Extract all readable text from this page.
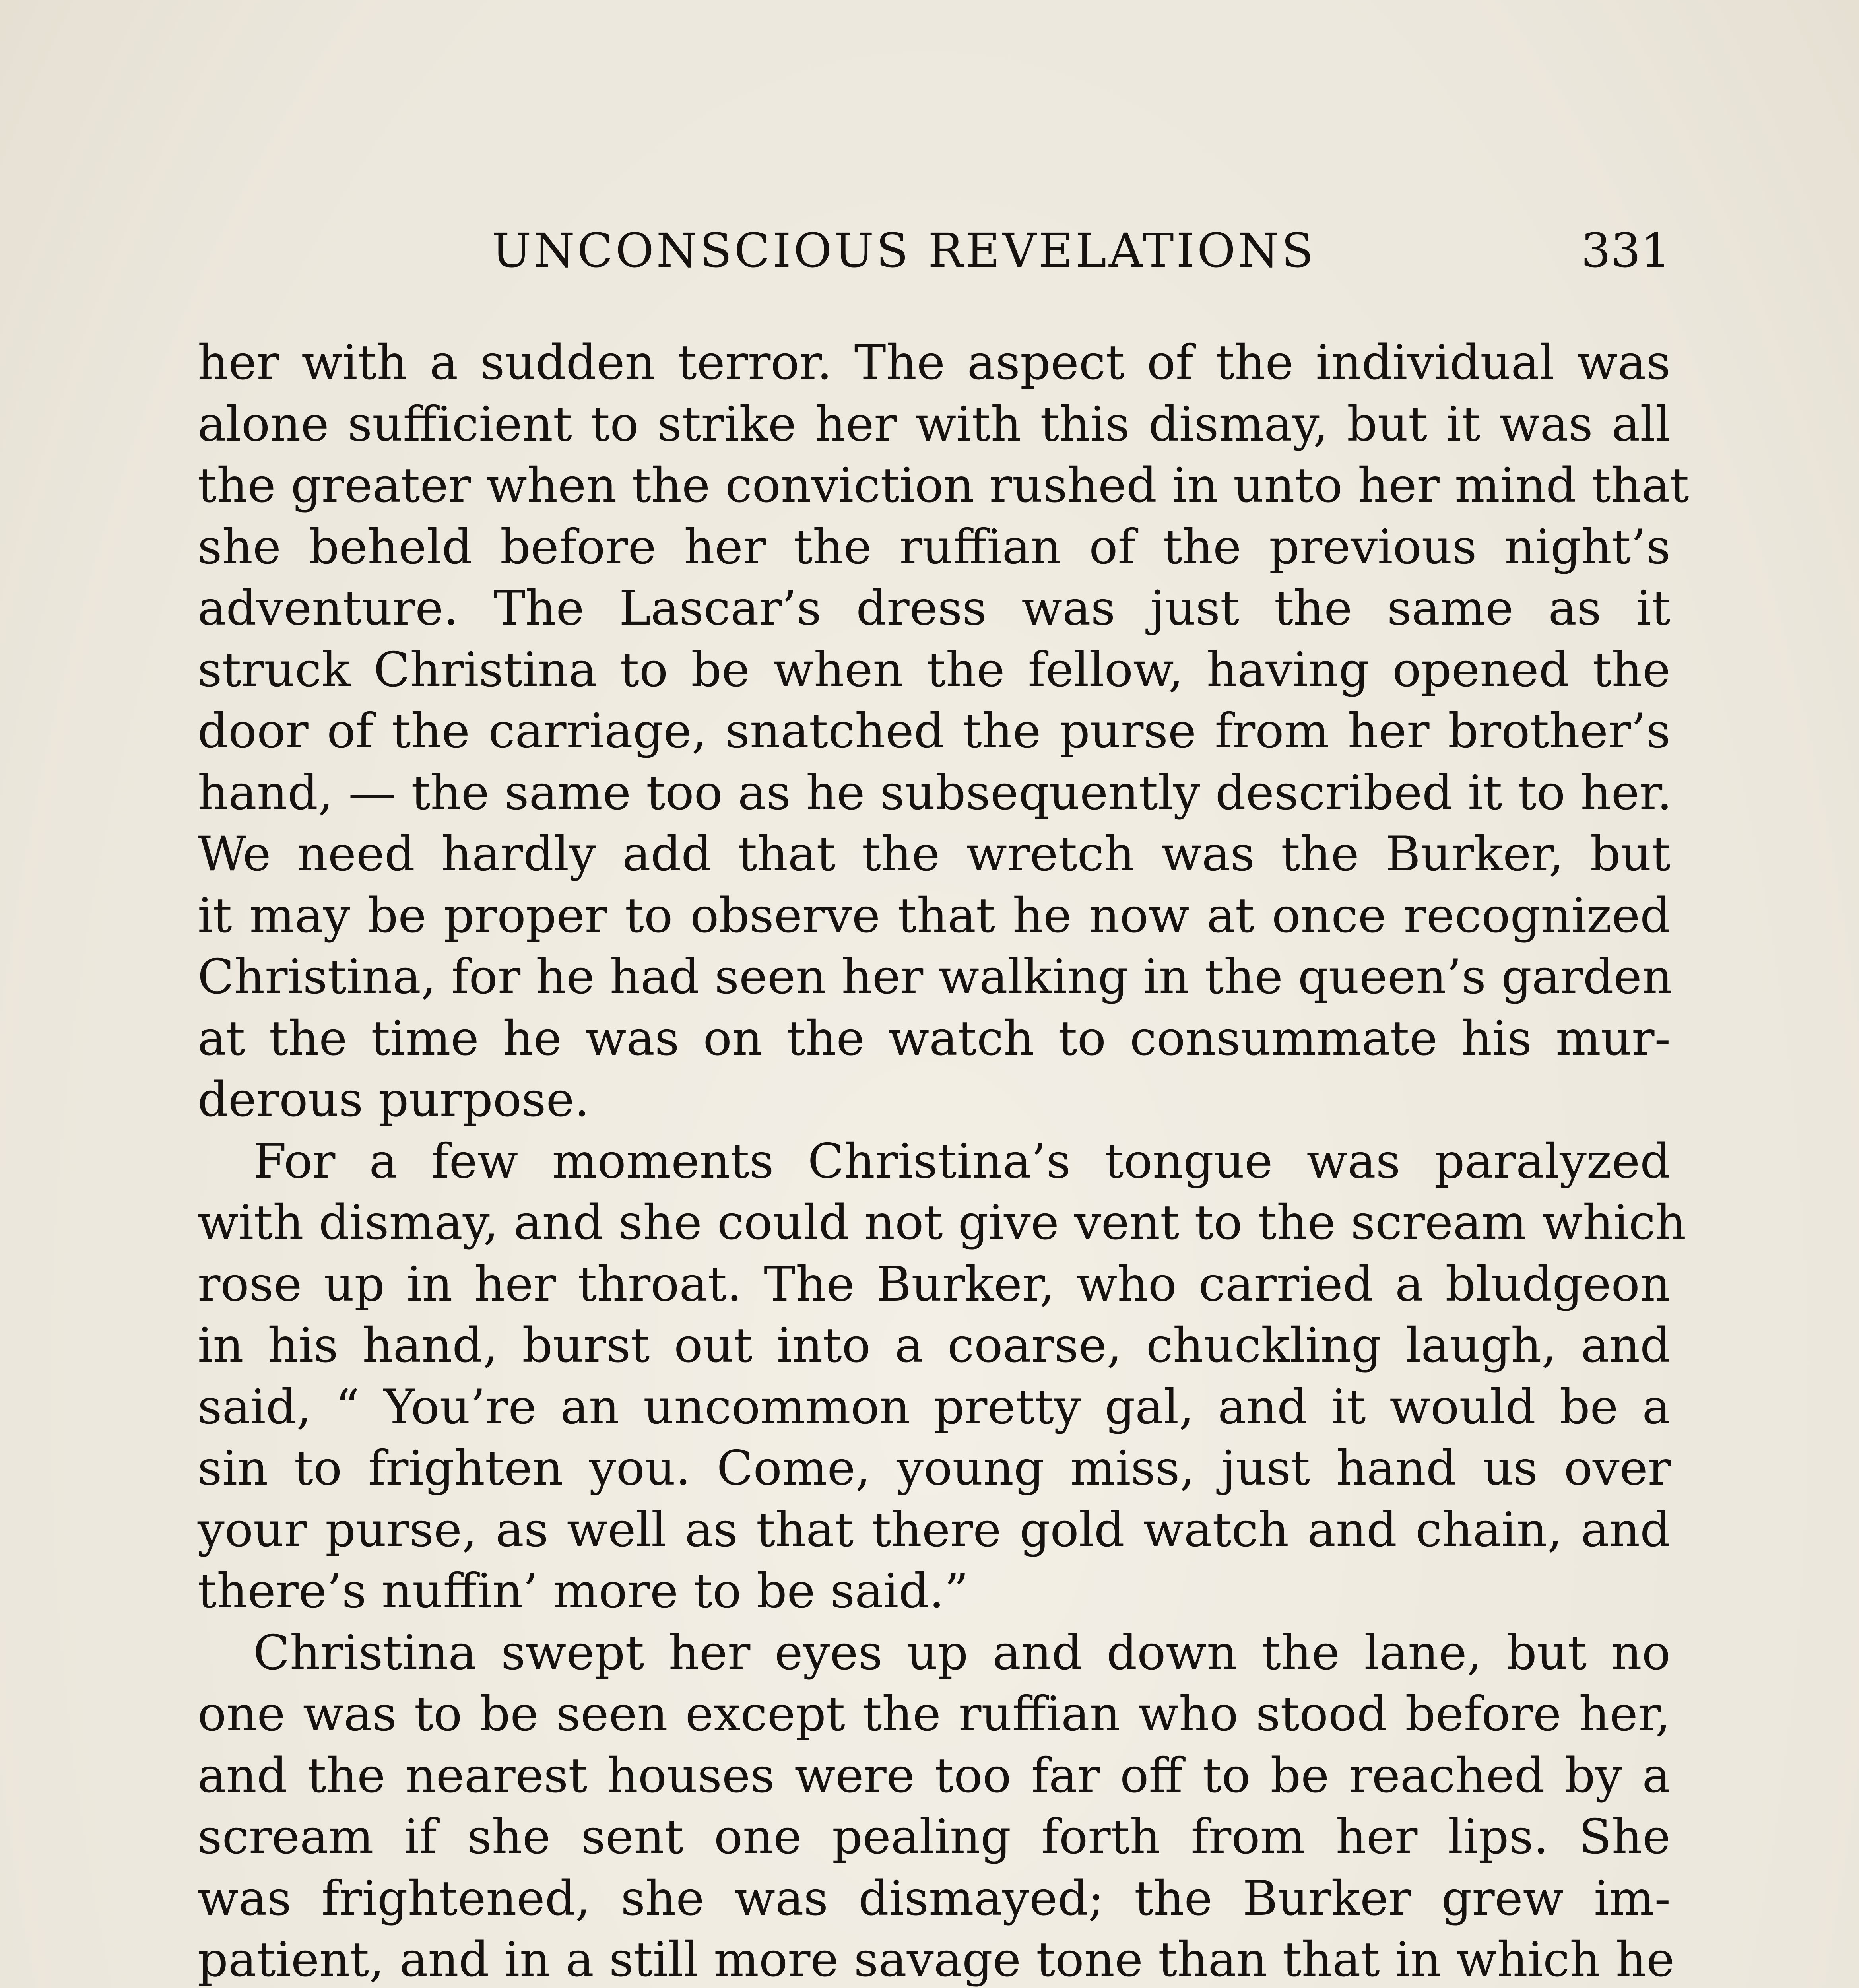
UNCONSCIOUS REVELATIONS	331
her with a sudden terror. The aspect of the individual was
alone sufficient to strike her with this dismay, but it was all
the greater when the conviction rushed in unto her mind that
she beheld before her the ruffian of the previous night’s
adventure. The Lascar’s dress was just the same as it
struck Christina to be when the fellow, having opened the
door of the carriage, snatched the purse from her brother’s
hand, — the same too as he subsequently described it to her.
We need hardly add that the wretch was the Burker, but
it may be proper to observe that he now at once recognized
Christina, for he had seen her walking in the queen’s garden
at the time he was on the watch to consummate his mur-
derous purpose.
For a few moments Christina’s tongue was paralyzed
with dismay, and she could not give vent to the scream which
rose up in her throat. The Burker, who carried a bludgeon
in his hand, burst out into a coarse, chuckling laugh, and
said, “ You’re an uncommon pretty gal, and it would be a
sin to frighten you. Come, young miss, just hand us over
your purse, as well as that there gold watch and chain, and
there’s nuffin’ more to be said.”
Christina swept her eyes up and down the lane, but no
one was to be seen except the ruffian who stood before her,
and the nearest houses were too far off to be reached by a
scream if she sent one pealing forth from her lips. She
was frightened, she was dismayed; the Burker grew im-
patient, and in a still more savage tone than that in which he
